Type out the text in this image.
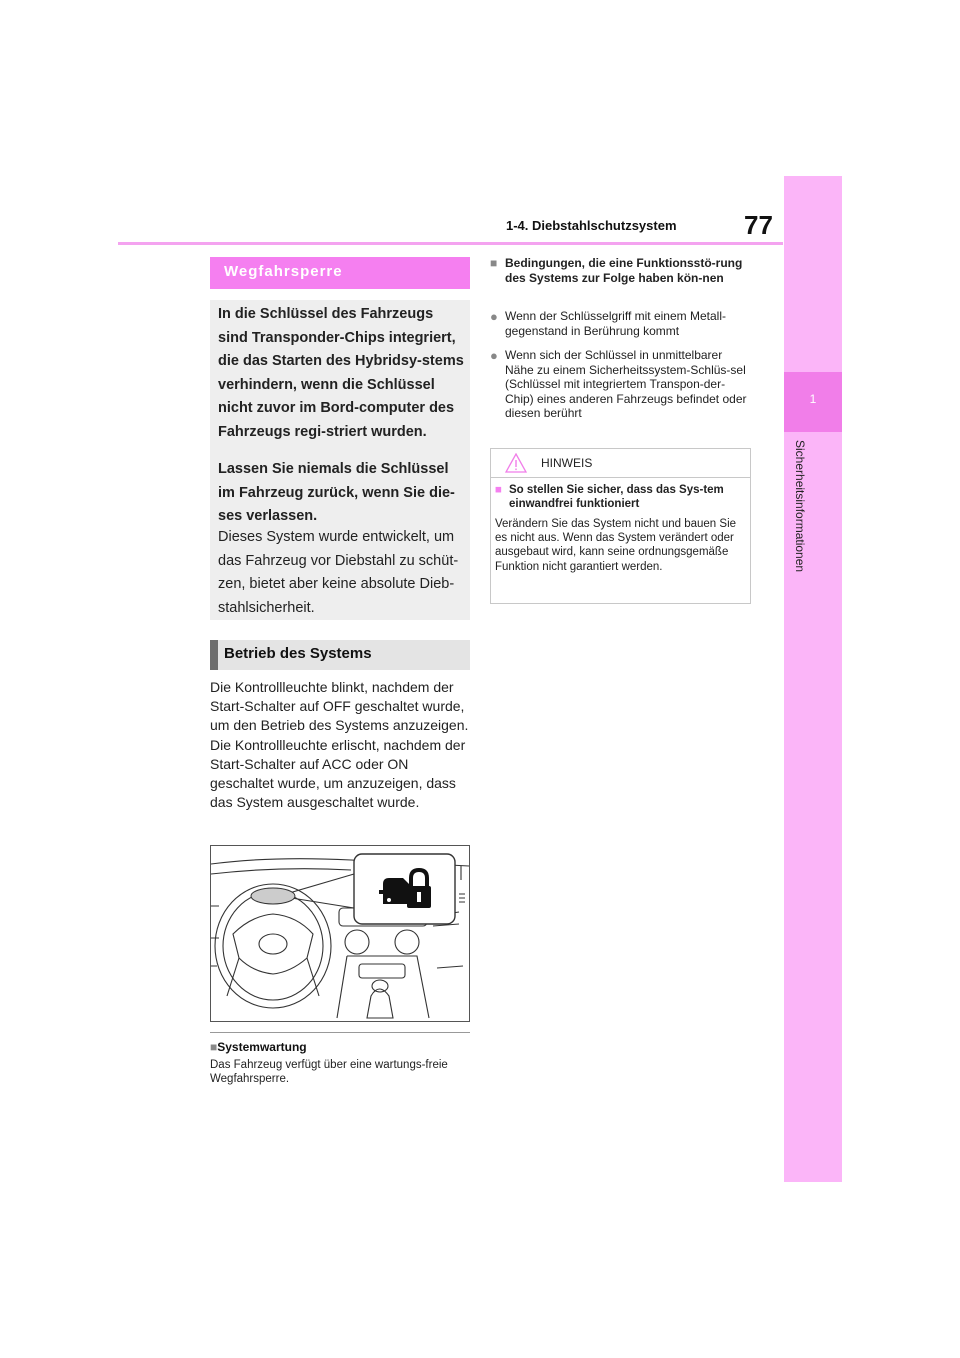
77
1-4. Diebstahlschutzsystem
1
Sicherheitsinformationen
Wegfahrsperre

In die Schlüssel des Fahrzeugs sind Transponder-Chips integriert, die das Starten des Hybridsy-stems verhindern, wenn die Schlüssel nicht zuvor im Bord-computer des Fahrzeugs regi-striert wurden.

Lassen Sie niemals die Schlüssel im Fahrzeug zurück, wenn Sie die-ses verlassen.

Dieses System wurde entwickelt, um das Fahrzeug vor Diebstahl zu schüt-zen, bietet aber keine absolute Dieb-stahlsicherheit.

Betrieb des Systems
Die Kontrollleuchte blinkt, nachdem der Start-Schalter auf OFF geschaltet wurde, um den Betrieb des Systems anzuzeigen.
Die Kontrollleuchte erlischt, nachdem der Start-Schalter auf ACC oder ON geschaltet wurde, um anzuzeigen, dass das System ausgeschaltet wurde.
■Systemwartung

Das Fahrzeug verfügt über eine wartungs-freie Wegfahrsperre.

■ Bedingungen, die eine Funktionsstö-rung des Systems zur Folge haben kön-nen
● Wenn der Schlüsselgriff mit einem Metall-gegenstand in Berührung kommt
● Wenn sich der Schlüssel in unmittelbarer Nähe zu einem Sicherheitssystem-Schlüs-sel (Schlüssel mit integriertem Transpon-der-Chip) eines anderen Fahrzeugs befindet oder diesen berührt
HINWEIS
■ So stellen Sie sicher, dass das Sys-tem einwandfrei funktioniert

Verändern Sie das System nicht und bauen Sie es nicht aus. Wenn das System verändert oder ausgebaut wird, kann seine ordnungsgemäße Funktion nicht garantiert werden.
